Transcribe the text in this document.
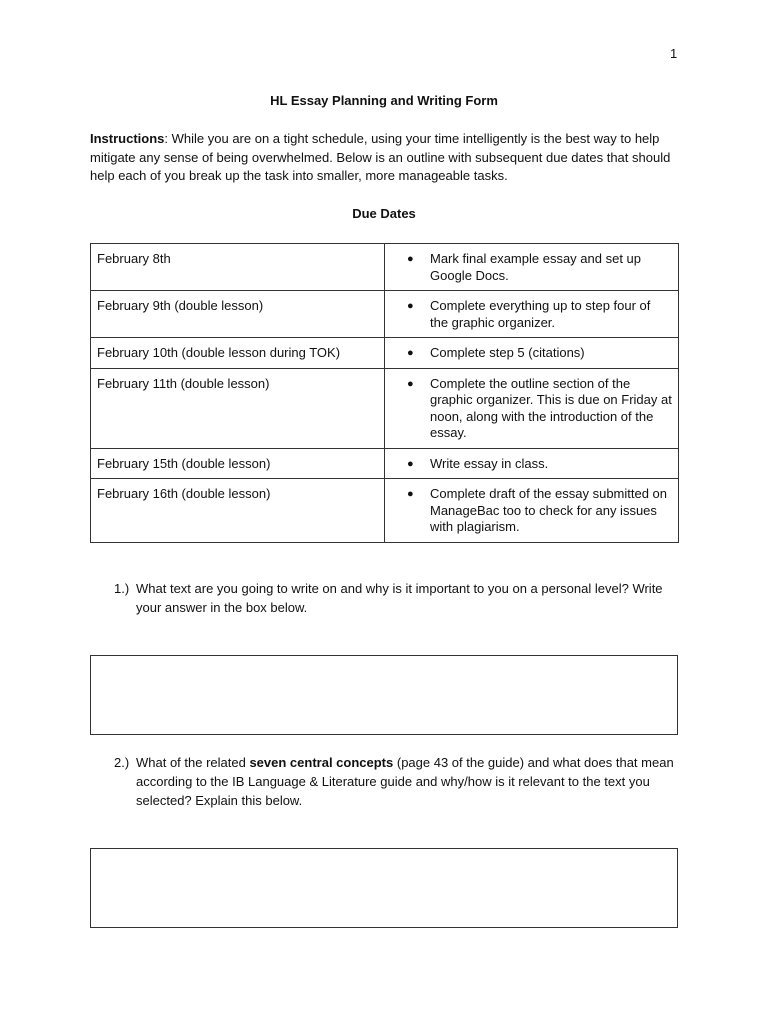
1
HL Essay Planning and Writing Form
Instructions: While you are on a tight schedule, using your time intelligently is the best way to help mitigate any sense of being overwhelmed. Below is an outline with subsequent due dates that should help each of you break up the task into smaller, more manageable tasks.
Due Dates
February 8th	● Mark final example essay and set up Google Docs.

February 9th (double lesson)	● Complete everything up to step four of the graphic organizer.

February 10th (double lesson during TOK)	● Complete step 5 (citations)

February 11th (double lesson)	● Complete the outline section of the graphic organizer. This is due on Friday at noon, along with the introduction of the essay.

February 15th (double lesson)	● Write essay in class.

February 16th (double lesson)	● Complete draft of the essay submitted on ManageBac too to check for any issues with plagiarism.
1.) What text are you going to write on and why is it important to you on a personal level? Write your answer in the box below.
2.) What of the related seven central concepts (page 43 of the guide) and what does that mean according to the IB Language & Literature guide and why/how is it relevant to the text you selected? Explain this below.
